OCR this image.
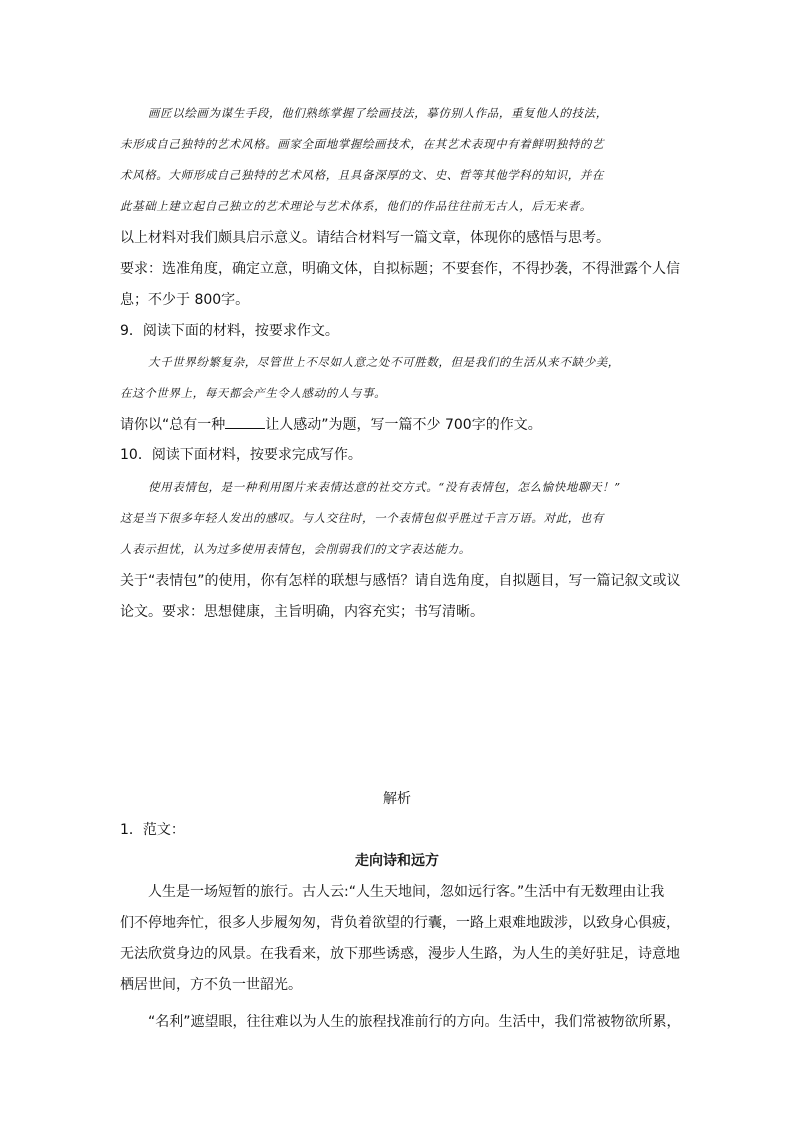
画匠以绘画为谋生手段，他们熟练掌握了绘画技法，摹仿别人作品，重复他人的技法，
未形成自己独特的艺术风格。画家全面地掌握绘画技术，在其艺术表现中有着鲜明独特的艺
术风格。大师形成自己独特的艺术风格，且具备深厚的文、史、哲等其他学科的知识，并在
此基础上建立起自己独立的艺术理论与艺术体系，他们的作品往往前无古人，后无来者。
以上材料对我们颇具启示意义。请结合材料写一篇文章，体现你的感悟与思考。
要求：选准角度，确定立意，明确文体，自拟标题；不要套作，不得抄袭，不得泄露个人信
息；不少于 800字。
9．阅读下面的材料，按要求作文。
大千世界纷繁复杂，尽管世上不尽如人意之处不可胜数，但是我们的生活从来不缺少美，
在这个世界上，每天都会产生令人感动的人与事。
请你以“总有一种	让人感动”为题，写一篇不少 700字的作文。
10．阅读下面材料，按要求完成写作。
使用表情包，是一种利用图片来表情达意的社交方式。“没有表情包，怎么愉快地聊天！”
这是当下很多年轻人发出的感叹。与人交往时，一个表情包似乎胜过千言万语。对此，也有
人表示担忧，认为过多使用表情包，会削弱我们的文字表达能力。
关于“表情包”的使用，你有怎样的联想与感悟？请自选角度，自拟题目，写一篇记叙文或议
论文。要求：思想健康，主旨明确，内容充实；书写清晰。
解析
1．范文：
走向诗和远方
人生是一场短暂的旅行。古人云:“人生天地间，忽如远行客。”生活中有无数理由让我
们不停地奔忙，很多人步履匆匆，背负着欲望的行囊，一路上艰难地跋涉，以致身心俱疲，
无法欣赏身边的风景。在我看来，放下那些诱惑，漫步人生路，为人生的美好驻足，诗意地
栖居世间，方不负一世韶光。
“名利”遮望眼，往往难以为人生的旅程找准前行的方向。生活中，我们常被物欲所累，
